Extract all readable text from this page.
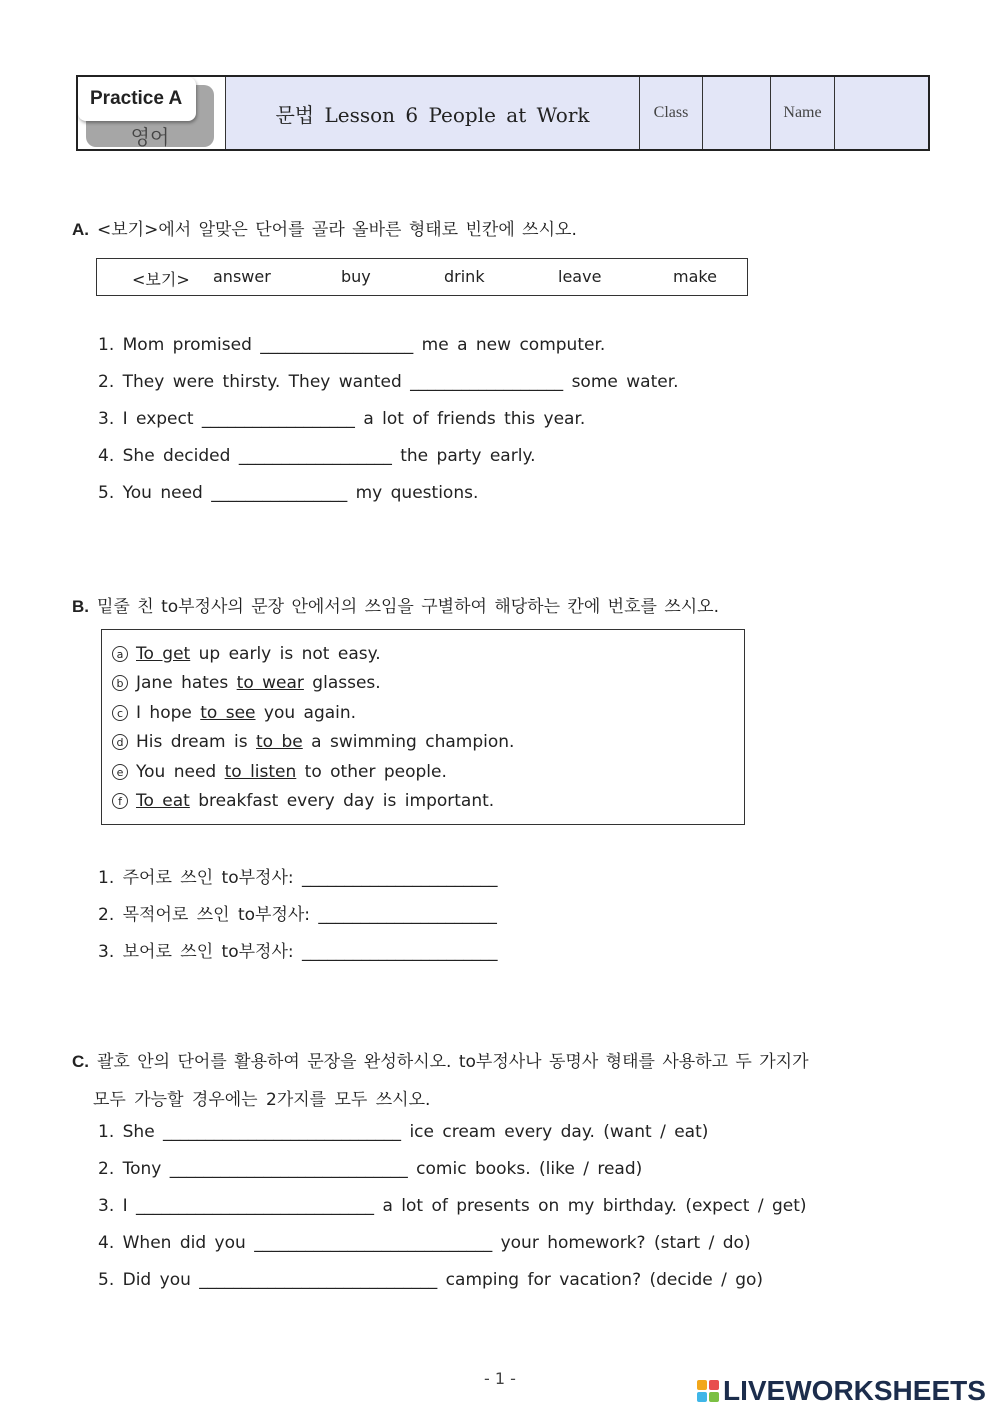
영어
Practice A
문법 Lesson 6 People at Work	Class	Name
A. <보기>에서 알맞은 단어를 골라 올바른 형태로 빈칸에 쓰시오.
<보기> answer	buy	drink	leave	make
1. Mom promised __________________ me a new computer.
2. They were thirsty. They wanted __________________ some water.
3. I expect __________________ a lot of friends this year.
4. She decided __________________ the party early.
5. You need ________________ my questions.
B. 밑줄 친 to부정사의 문장 안에서의 쓰임을 구별하여 해당하는 칸에 번호를 쓰시오.
a To get up early is not easy.
b Jane hates to wear glasses.
c I hope to see you again.
d His dream is to be a swimming champion.
e You need to listen to other people.
f To eat breakfast every day is important.
1. 주어로 쓰인 to부정사: _______________________
2. 목적어로 쓰인 to부정사: _____________________
3. 보어로 쓰인 to부정사: _______________________
C. 괄호 안의 단어를 활용하여 문장을 완성하시오. to부정사나 동명사 형태를 사용하고 두 가지가
모두 가능할 경우에는 2가지를 모두 쓰시오.
1. She ____________________________ ice cream every day. (want / eat)
2. Tony ____________________________ comic books. (like / read)
3. I ____________________________ a lot of presents on my birthday. (expect / get)
4. When did you ____________________________ your homework? (start / do)
5. Did you ____________________________ camping for vacation? (decide / go)
- 1 -	LIVEWORKSHEETS
